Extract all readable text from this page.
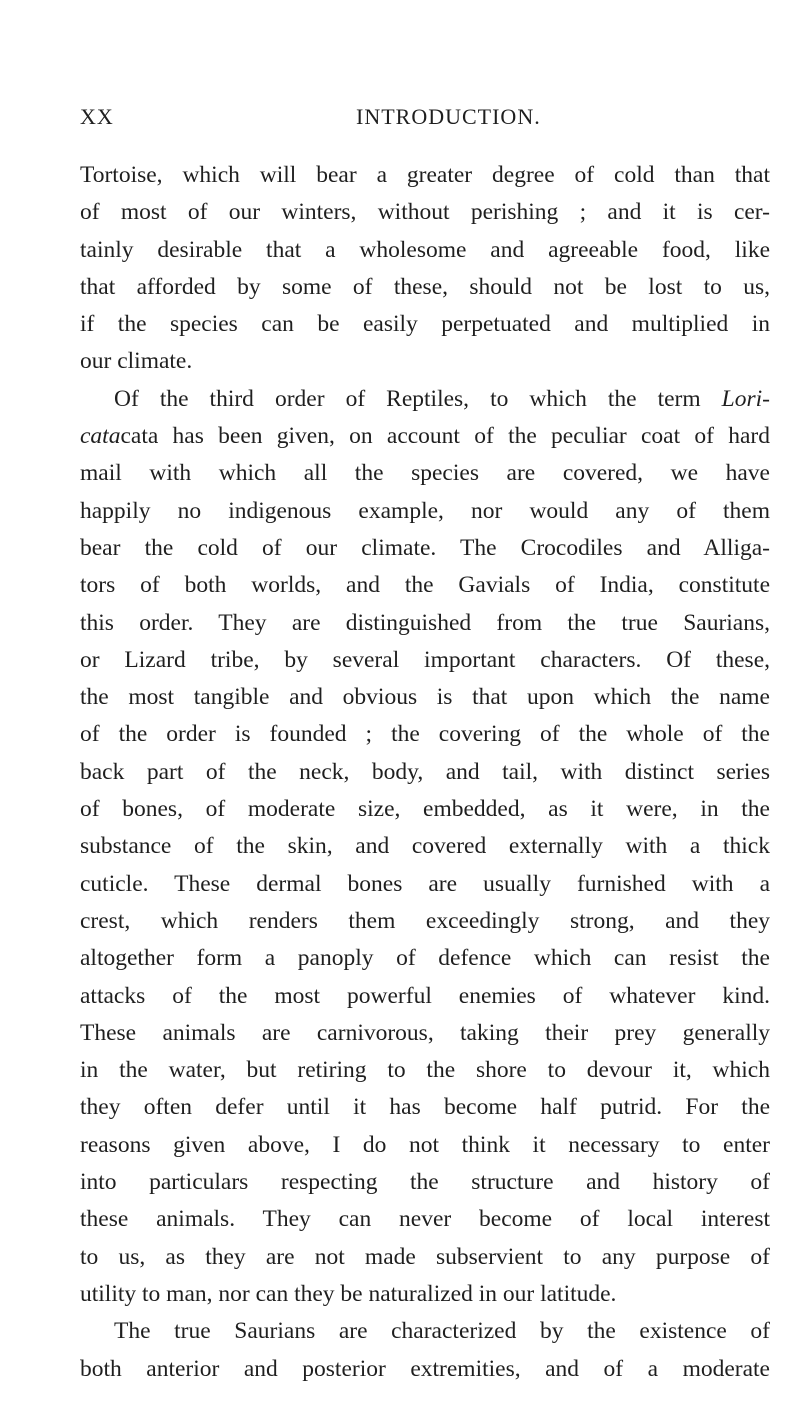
XX	INTRODUCTION.
Tortoise, which will bear a greater degree of cold than that
of most of our winters, without perishing ; and it is cer-
tainly desirable that a wholesome and agreeable food, like
that afforded by some of these, should not be lost to us,
if the species can be easily perpetuated and multiplied in
our climate.
Of the third order of Reptiles, to which the term Lori-
catacata has been given, on account of the peculiar coat of hard
mail with which all the species are covered, we have
happily no indigenous example, nor would any of them
bear the cold of our climate. The Crocodiles and Alliga-
tors of both worlds, and the Gavials of India, constitute
this order. They are distinguished from the true Saurians,
or Lizard tribe, by several important characters. Of these,
the most tangible and obvious is that upon which the name
of the order is founded ; the covering of the whole of the
back part of the neck, body, and tail, with distinct series
of bones, of moderate size, embedded, as it were, in the
substance of the skin, and covered externally with a thick
cuticle. These dermal bones are usually furnished with a
crest, which renders them exceedingly strong, and they
altogether form a panoply of defence which can resist the
attacks of the most powerful enemies of whatever kind.
These animals are carnivorous, taking their prey generally
in the water, but retiring to the shore to devour it, which
they often defer until it has become half putrid. For the
reasons given above, I do not think it necessary to enter
into particulars respecting the structure and history of
these animals. They can never become of local interest
to us, as they are not made subservient to any purpose of
utility to man, nor can they be naturalized in our latitude.
The true Saurians are characterized by the existence of
both anterior and posterior extremities, and of a moderate
